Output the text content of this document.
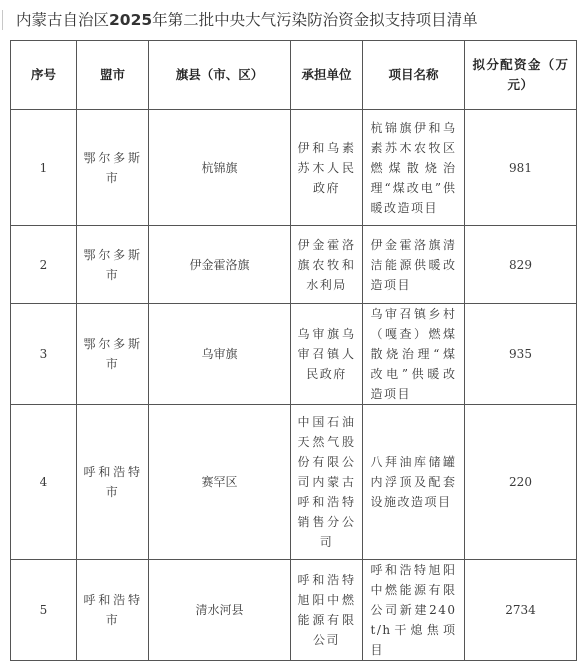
内蒙古自治区2025年第二批中央大气污染防治资金拟支持项目清单
序号	盟市	旗县（市、区）	承担单位	项目名称	拟分配资金（万元）

1	鄂尔多斯市	杭锦旗	伊和乌素苏木人民政府	杭锦旗伊和乌素苏木农牧区燃煤散烧治理“煤改电”供暖改造项目	981
2	鄂尔多斯市	伊金霍洛旗	伊金霍洛旗农牧和水利局	伊金霍洛旗清洁能源供暖改造项目	829
3	鄂尔多斯市	乌审旗	乌审旗乌审召镇人民政府	乌审召镇乡村（嘎查）燃煤散烧治理“煤改电”供暖改造项目	935
4	呼和浩特市	赛罕区	中国石油天然气股份有限公司内蒙古呼和浩特销售分公司	八拜油库储罐内浮顶及配套设施改造项目	220
5	呼和浩特市	清水河县	呼和浩特旭阳中燃能源有限公司	呼和浩特旭阳中燃能源有限公司新建240t/h干熄焦项目	2734
